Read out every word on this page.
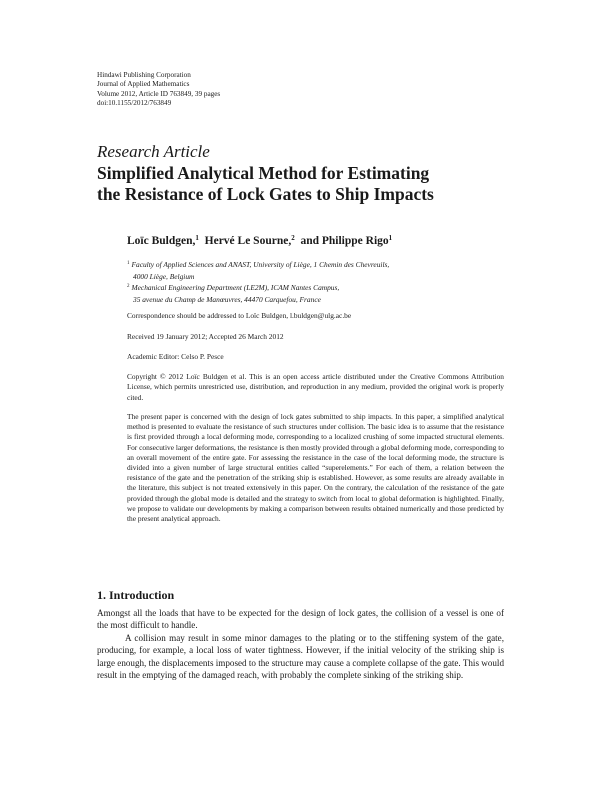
Hindawi Publishing Corporation
Journal of Applied Mathematics
Volume 2012, Article ID 763849, 39 pages
doi:10.1155/2012/763849
Research Article
Simplified Analytical Method for Estimating
the Resistance of Lock Gates to Ship Impacts
Loïc Buldgen,$^1$ Hervé Le Sourne,$^2$ and Philippe Rigo$^1$
$^1$ Faculty of Applied Sciences and ANAST, University of Liège, 1 Chemin des Chevreuils,
4000 Liège, Belgium
$^2$ Mechanical Engineering Department (LE2M), ICAM Nantes Campus,
35 avenue du Champ de Manœuvres, 44470 Carquefou, France
Correspondence should be addressed to Loïc Buldgen, l.buldgen@ulg.ac.be
Received 19 January 2012; Accepted 26 March 2012
Academic Editor: Celso P. Pesce
Copyright © 2012 Loïc Buldgen et al. This is an open access article distributed under the Creative Commons Attribution License, which permits unrestricted use, distribution, and reproduction in any medium, provided the original work is properly cited.
The present paper is concerned with the design of lock gates submitted to ship impacts. In this paper, a simplified analytical method is presented to evaluate the resistance of such structures under collision. The basic idea is to assume that the resistance is first provided through a local deforming mode, corresponding to a localized crushing of some impacted structural elements. For consecutive larger deformations, the resistance is then mostly provided through a global deforming mode, corresponding to an overall movement of the entire gate. For assessing the resistance in the case of the local deforming mode, the structure is divided into a given number of large structural entities called “superelements.” For each of them, a relation between the resistance of the gate and the penetration of the striking ship is established. However, as some results are already available in the literature, this subject is not treated extensively in this paper. On the contrary, the calculation of the resistance of the gate provided through the global mode is detailed and the strategy to switch from local to global deformation is highlighted. Finally, we propose to validate our developments by making a comparison between results obtained numerically and those predicted by the present analytical approach.
1. Introduction

Amongst all the loads that have to be expected for the design of lock gates, the collision of a vessel is one of the most difficult to handle.

A collision may result in some minor damages to the plating or to the stiffening system of the gate, producing, for example, a local loss of water tightness. However, if the initial velocity of the striking ship is large enough, the displacements imposed to the structure may cause a complete collapse of the gate. This would result in the emptying of the damaged reach, with probably the complete sinking of the striking ship.
